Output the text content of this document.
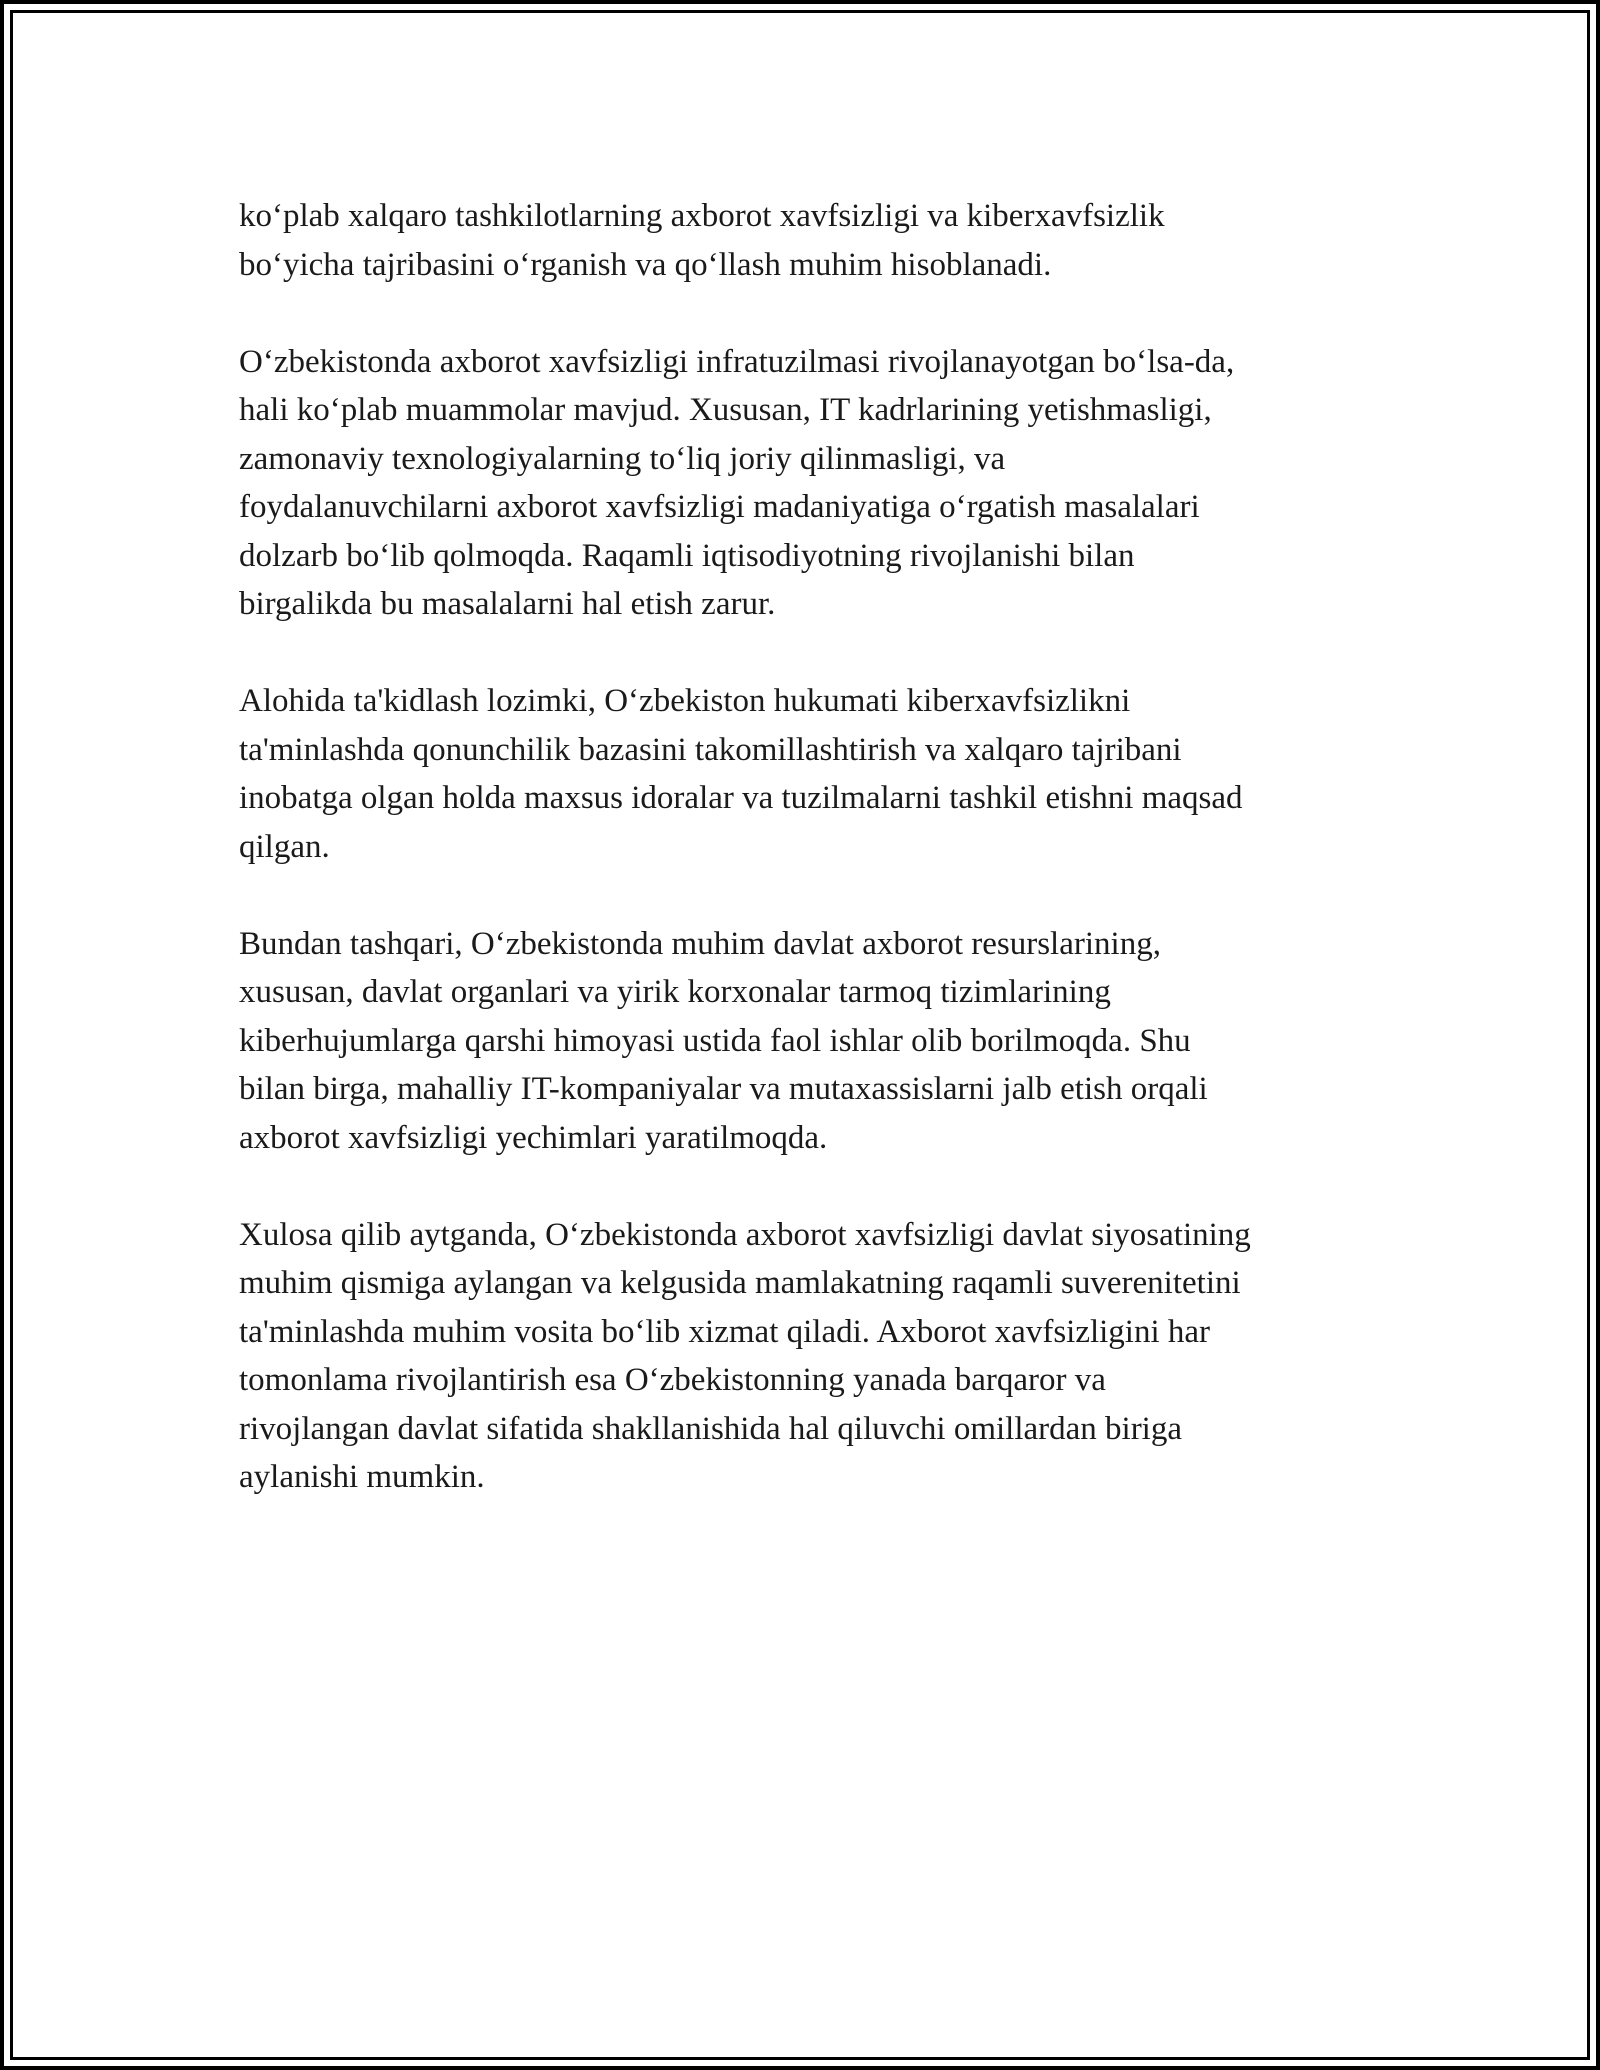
ko‘plab xalqaro tashkilotlarning axborot xavfsizligi va kiberxavfsizlik
bo‘yicha tajribasini o‘rganish va qo‘llash muhim hisoblanadi.

O‘zbekistonda axborot xavfsizligi infratuzilmasi rivojlanayotgan bo‘lsa-da,
hali ko‘plab muammolar mavjud. Xususan, IT kadrlarining yetishmasligi,
zamonaviy texnologiyalarning to‘liq joriy qilinmasligi, va
foydalanuvchilarni axborot xavfsizligi madaniyatiga o‘rgatish masalalari
dolzarb bo‘lib qolmoqda. Raqamli iqtisodiyotning rivojlanishi bilan
birgalikda bu masalalarni hal etish zarur.

Alohida ta'kidlash lozimki, O‘zbekiston hukumati kiberxavfsizlikni
ta'minlashda qonunchilik bazasini takomillashtirish va xalqaro tajribani
inobatga olgan holda maxsus idoralar va tuzilmalarni tashkil etishni maqsad
qilgan.

Bundan tashqari, O‘zbekistonda muhim davlat axborot resurslarining,
xususan, davlat organlari va yirik korxonalar tarmoq tizimlarining
kiberhujumlarga qarshi himoyasi ustida faol ishlar olib borilmoqda. Shu
bilan birga, mahalliy IT-kompaniyalar va mutaxassislarni jalb etish orqali
axborot xavfsizligi yechimlari yaratilmoqda.

Xulosa qilib aytganda, O‘zbekistonda axborot xavfsizligi davlat siyosatining
muhim qismiga aylangan va kelgusida mamlakatning raqamli suverenitetini
ta'minlashda muhim vosita bo‘lib xizmat qiladi. Axborot xavfsizligini har
tomonlama rivojlantirish esa O‘zbekistonning yanada barqaror va
rivojlangan davlat sifatida shakllanishida hal qiluvchi omillardan biriga
aylanishi mumkin.
